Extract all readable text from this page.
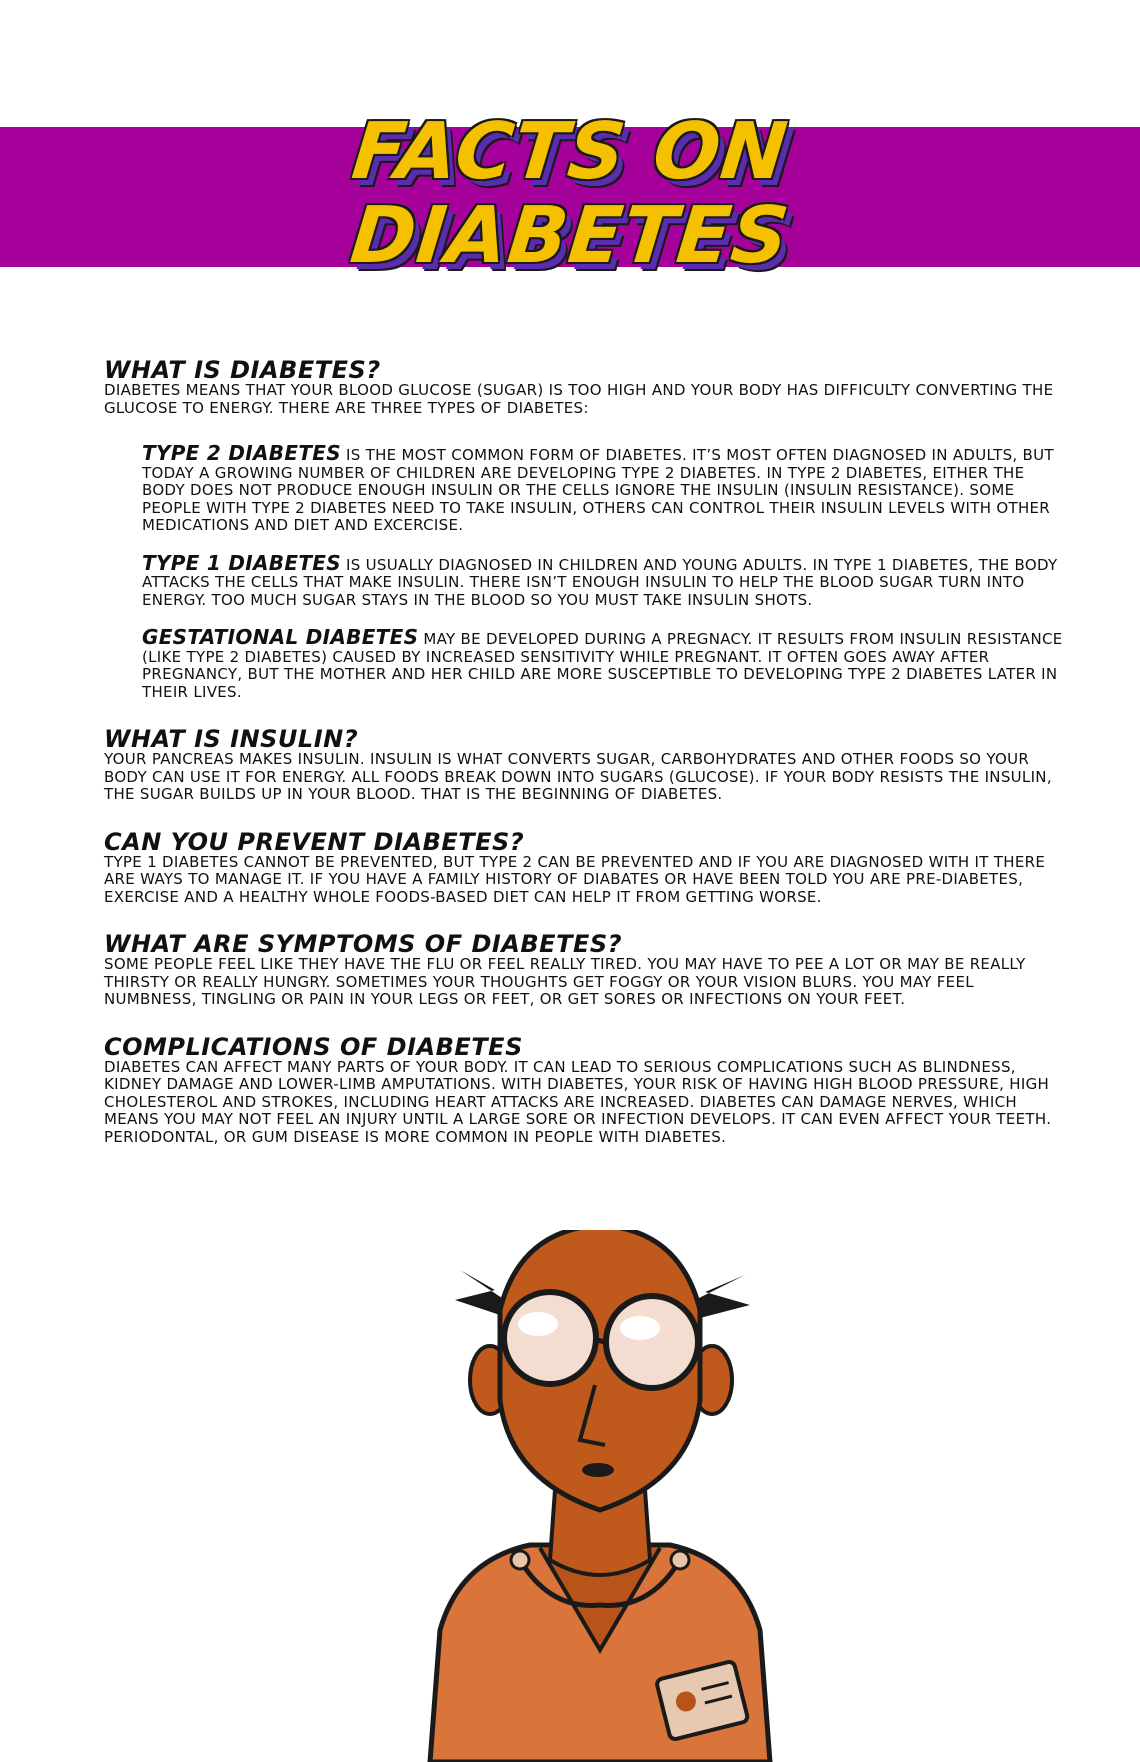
FACTS ON
DIABETES
WHAT IS DIABETES?

DIABETES MEANS THAT YOUR BLOOD GLUCOSE (SUGAR) IS TOO HIGH AND YOUR BODY HAS DIFFICULTY CONVERTING THE GLUCOSE TO ENERGY. THERE ARE THREE TYPES OF DIABETES:

TYPE 2 DIABETES IS THE MOST COMMON FORM OF DIABETES. IT’S MOST OFTEN DIAGNOSED IN ADULTS, BUT TODAY A GROWING NUMBER OF CHILDREN ARE DEVELOPING TYPE 2 DIABETES. IN TYPE 2 DIABETES, EITHER THE BODY DOES NOT PRODUCE ENOUGH INSULIN OR THE CELLS IGNORE THE INSULIN (INSULIN RESISTANCE). SOME PEOPLE WITH TYPE 2 DIABETES NEED TO TAKE INSULIN, OTHERS CAN CONTROL THEIR INSULIN LEVELS WITH OTHER MEDICATIONS AND DIET AND EXCERCISE.

TYPE 1 DIABETES IS USUALLY DIAGNOSED IN CHILDREN AND YOUNG ADULTS. IN TYPE 1 DIABETES, THE BODY ATTACKS THE CELLS THAT MAKE INSULIN. THERE ISN’T ENOUGH INSULIN TO HELP THE BLOOD SUGAR TURN INTO ENERGY. TOO MUCH SUGAR STAYS IN THE BLOOD SO YOU MUST TAKE INSULIN SHOTS.

GESTATIONAL DIABETES MAY BE DEVELOPED DURING A PREGNACY. IT RESULTS FROM INSULIN RESISTANCE (LIKE TYPE 2 DIABETES) CAUSED BY INCREASED SENSITIVITY WHILE PREGNANT. IT OFTEN GOES AWAY AFTER PREGNANCY, BUT THE MOTHER AND HER CHILD ARE MORE SUSCEPTIBLE TO DEVELOPING TYPE 2 DIABETES LATER IN THEIR LIVES.

WHAT IS INSULIN?

YOUR PANCREAS MAKES INSULIN. INSULIN IS WHAT CONVERTS SUGAR, CARBOHYDRATES AND OTHER FOODS SO YOUR BODY CAN USE IT FOR ENERGY. ALL FOODS BREAK DOWN INTO SUGARS (GLUCOSE). IF YOUR BODY RESISTS THE INSULIN, THE SUGAR BUILDS UP IN YOUR BLOOD. THAT IS THE BEGINNING OF DIABETES.

CAN YOU PREVENT DIABETES?

TYPE 1 DIABETES CANNOT BE PREVENTED, BUT TYPE 2 CAN BE PREVENTED AND IF YOU ARE DIAGNOSED WITH IT THERE ARE WAYS TO MANAGE IT. IF YOU HAVE A FAMILY HISTORY OF DIABATES OR HAVE BEEN TOLD YOU ARE PRE-DIABETES, EXERCISE AND A HEALTHY WHOLE FOODS-BASED DIET CAN HELP IT FROM GETTING WORSE.

WHAT ARE SYMPTOMS OF DIABETES?

SOME PEOPLE FEEL LIKE THEY HAVE THE FLU OR FEEL REALLY TIRED. YOU MAY HAVE TO PEE A LOT OR MAY BE REALLY THIRSTY OR REALLY HUNGRY. SOMETIMES YOUR THOUGHTS GET FOGGY OR YOUR VISION BLURS. YOU MAY FEEL NUMBNESS, TINGLING OR PAIN IN YOUR LEGS OR FEET, OR GET SORES OR INFECTIONS ON YOUR FEET.

COMPLICATIONS OF DIABETES

DIABETES CAN AFFECT MANY PARTS OF YOUR BODY. IT CAN LEAD TO SERIOUS COMPLICATIONS SUCH AS BLINDNESS, KIDNEY DAMAGE AND LOWER-LIMB AMPUTATIONS. WITH DIABETES, YOUR RISK OF HAVING HIGH BLOOD PRESSURE, HIGH CHOLESTEROL AND STROKES, INCLUDING HEART ATTACKS ARE INCREASED. DIABETES CAN DAMAGE NERVES, WHICH MEANS YOU MAY NOT FEEL AN INJURY UNTIL A LARGE SORE OR INFECTION DEVELOPS. IT CAN EVEN AFFECT YOUR TEETH. PERIODONTAL, OR GUM DISEASE IS MORE COMMON IN PEOPLE WITH DIABETES.
